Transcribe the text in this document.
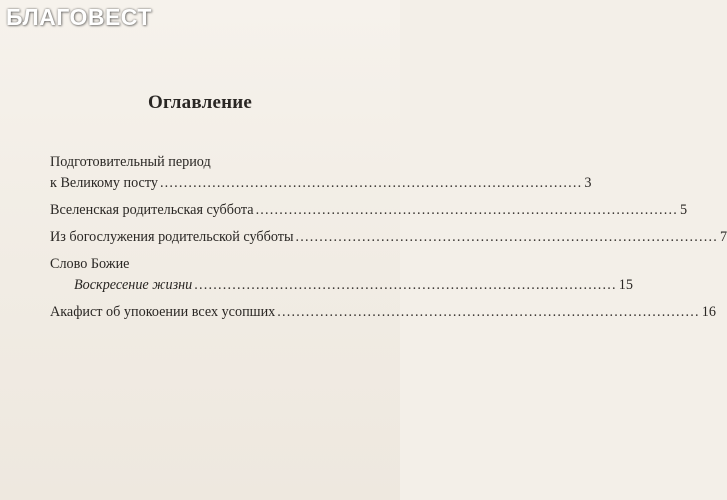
БЛАГОВЕСТ
Оглавление
Подготовительный период
к Великому посту ......................................................................................... 3
Вселенская родительская суббота ......................................................................................... 5
Из богослужения родительской субботы ......................................................................................... 7
Слово Божие
Воскресение жизни ......................................................................................... 15
Акафист об упокоении всех усопших ......................................................................................... 16
